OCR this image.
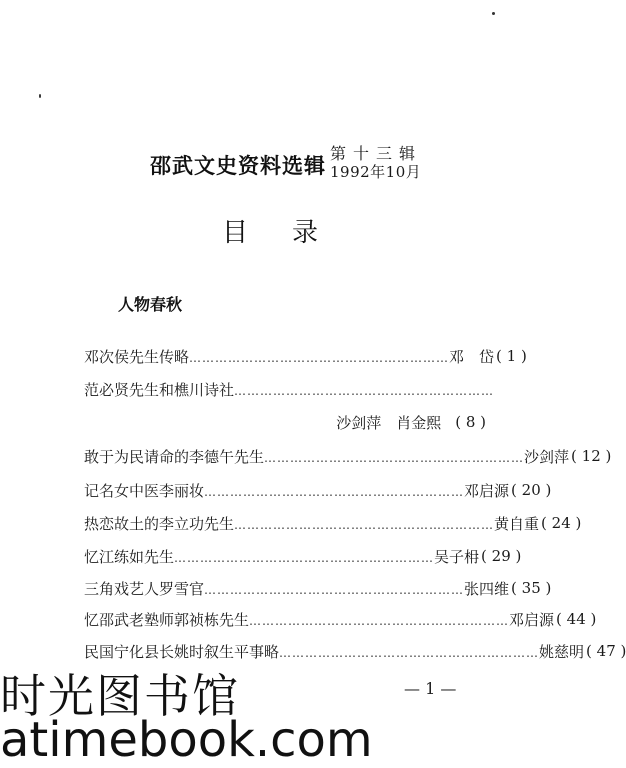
邵武文史资料选辑
第十三辑
1992年10月
目录
人物春秋
邓次侯先生传略 …………………………………………………… 邓　岱 ( 1 )
范必贤先生和樵川诗社 ……………………………………………………
沙剑萍　肖金熙 ( 8 )
敢于为民请命的李德午先生 …………………………………………………… 沙剑萍 ( 12 )
记名女中医李丽妆 …………………………………………………… 邓启源 ( 20 )
热恋故土的李立功先生 …………………………………………………… 黄自重 ( 24 )
忆江练如先生 …………………………………………………… 吴子枏 ( 29 )
三角戏艺人罗雪官 …………………………………………………… 张四维 ( 35 )
忆邵武老塾师郭祯栋先生 …………………………………………………… 邓启源 ( 44 )
民国宁化县长姚时叙生平事略 …………………………………………………… 姚慈明 ( 47 )
— 1 —
时光图书馆
atimebook.com
